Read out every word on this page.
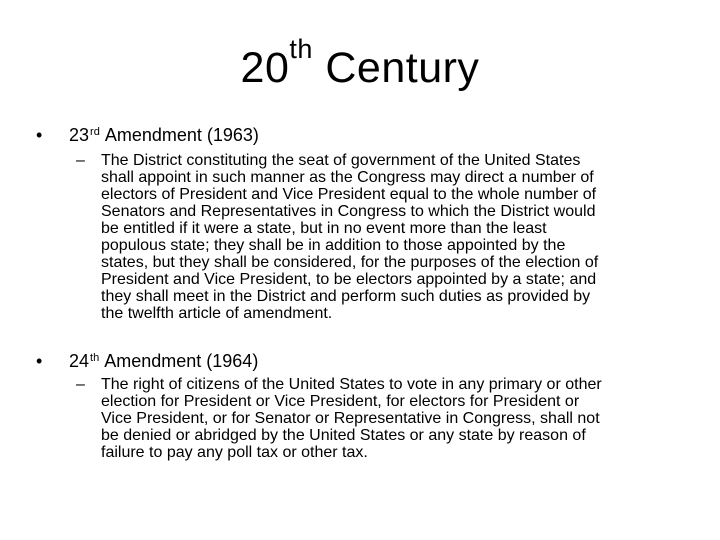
20th Century
•	23rd Amendment (1963)
– The District constituting the seat of government of the United States
shall appoint in such manner as the Congress may direct a number of
electors of President and Vice President equal to the whole number of
Senators and Representatives in Congress to which the District would
be entitled if it were a state, but in no event more than the least
populous state; they shall be in addition to those appointed by the
states, but they shall be considered, for the purposes of the election of
President and Vice President, to be electors appointed by a state; and
they shall meet in the District and perform such duties as provided by
the twelfth article of amendment.
•	24th Amendment (1964)
– The right of citizens of the United States to vote in any primary or other
election for President or Vice President, for electors for President or
Vice President, or for Senator or Representative in Congress, shall not
be denied or abridged by the United States or any state by reason of
failure to pay any poll tax or other tax.
